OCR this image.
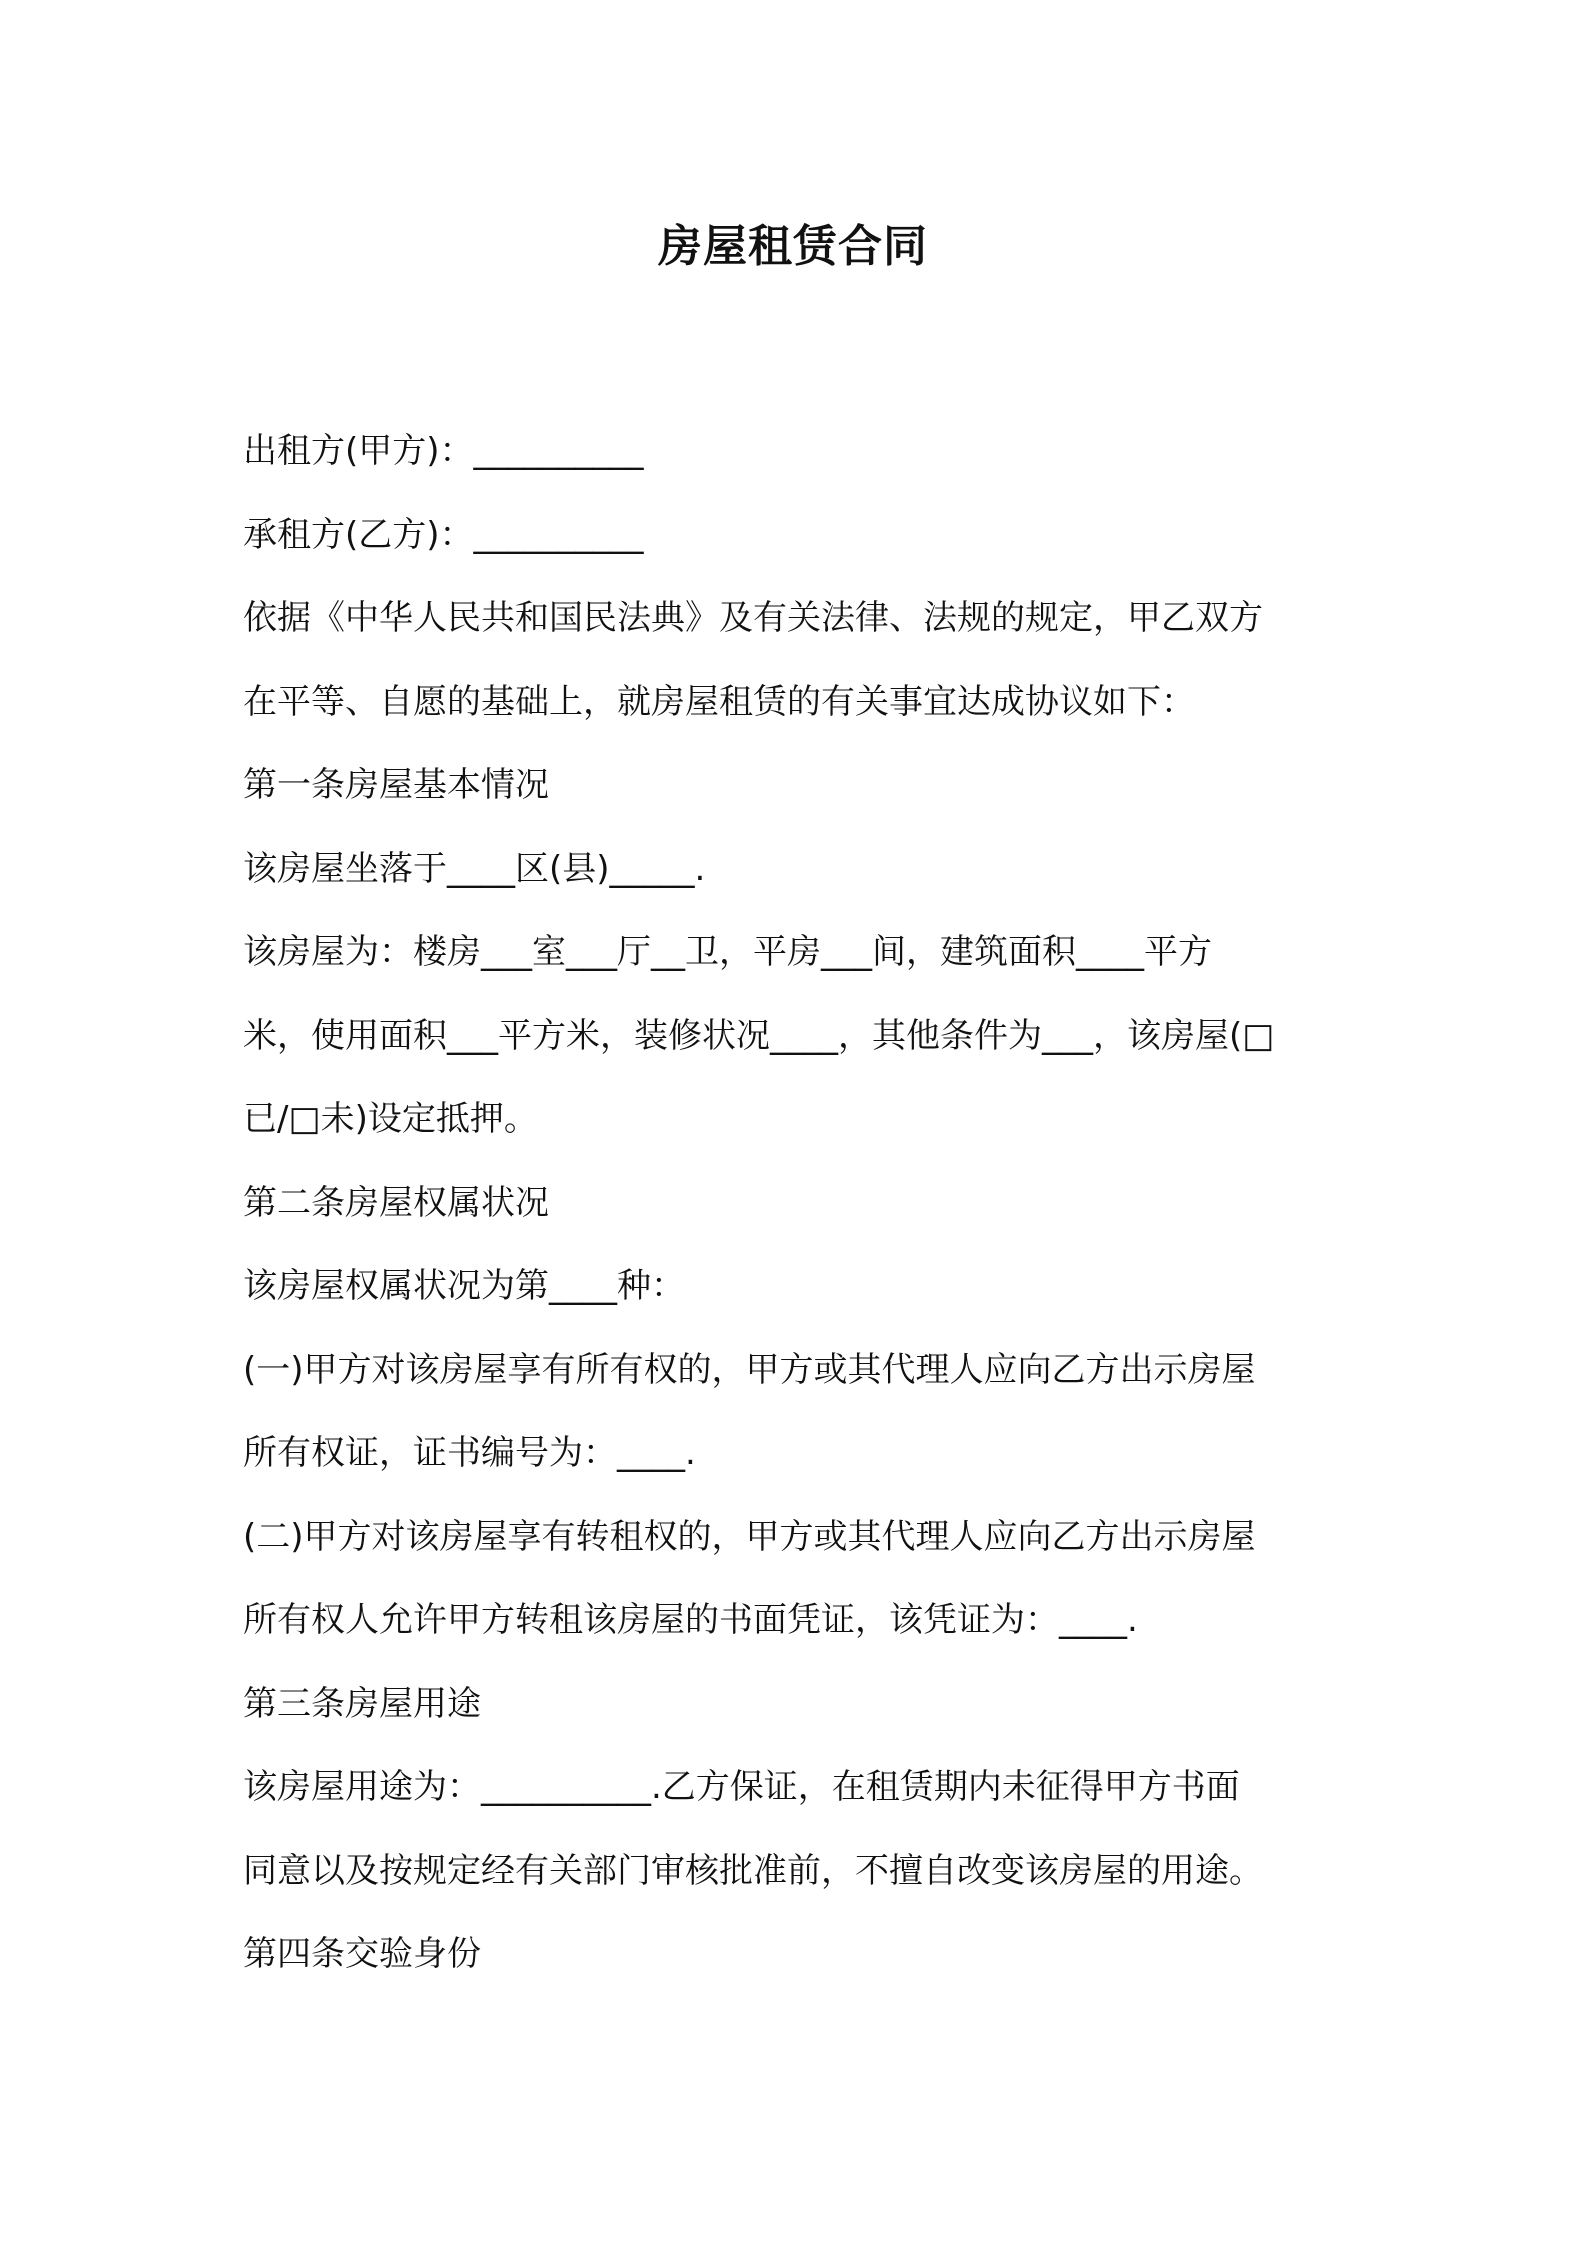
房屋租赁合同
出租方(甲方)：__________
承租方(乙方)：__________
依据《中华人民共和国民法典》及有关法律、法规的规定，甲乙双方
在平等、自愿的基础上，就房屋租赁的有关事宜达成协议如下：
第一条房屋基本情况
该房屋坐落于____区(县)_____.
该房屋为：楼房___室___厅__卫，平房___间，建筑面积____平方
米，使用面积___平方米，装修状况____，其他条件为___，该房屋(□
已/□未)设定抵押。
第二条房屋权属状况
该房屋权属状况为第____种：
(一)甲方对该房屋享有所有权的，甲方或其代理人应向乙方出示房屋
所有权证，证书编号为：____.
(二)甲方对该房屋享有转租权的，甲方或其代理人应向乙方出示房屋
所有权人允许甲方转租该房屋的书面凭证，该凭证为：____.
第三条房屋用途
该房屋用途为：__________.乙方保证，在租赁期内未征得甲方书面
同意以及按规定经有关部门审核批准前，不擅自改变该房屋的用途。
第四条交验身份
